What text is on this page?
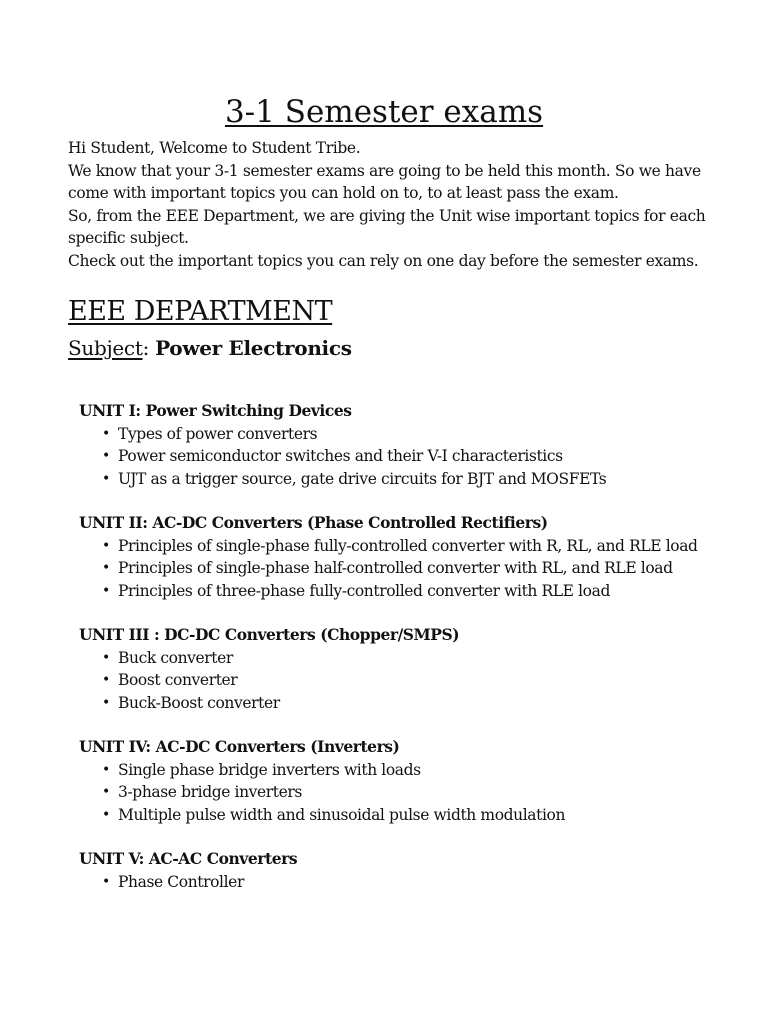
3-1 Semester exams

Hi Student, Welcome to Student Tribe.

We know that your 3-1 semester exams are going to be held this month. So we have come with important topics you can hold on to, to at least pass the exam.

So, from the EEE Department, we are giving the Unit wise important topics for each specific subject.

Check out the important topics you can rely on one day before the semester exams.

EEE DEPARTMENT

Subject: Power Electronics

UNIT I: Power Switching Devices

• Types of power converters
• Power semiconductor switches and their V-I characteristics
• UJT as a trigger source, gate drive circuits for BJT and MOSFETs

UNIT II: AC-DC Converters (Phase Controlled Rectifiers)

• Principles of single-phase fully-controlled converter with R, RL, and RLE load
• Principles of single-phase half-controlled converter with RL, and RLE load
• Principles of three-phase fully-controlled converter with RLE load

UNIT III : DC-DC Converters (Chopper/SMPS)

• Buck converter
• Boost converter
• Buck-Boost converter

UNIT IV: AC-DC Converters (Inverters)

• Single phase bridge inverters with loads
• 3-phase bridge inverters
• Multiple pulse width and sinusoidal pulse width modulation

UNIT V: AC-AC Converters

• Phase Controller
